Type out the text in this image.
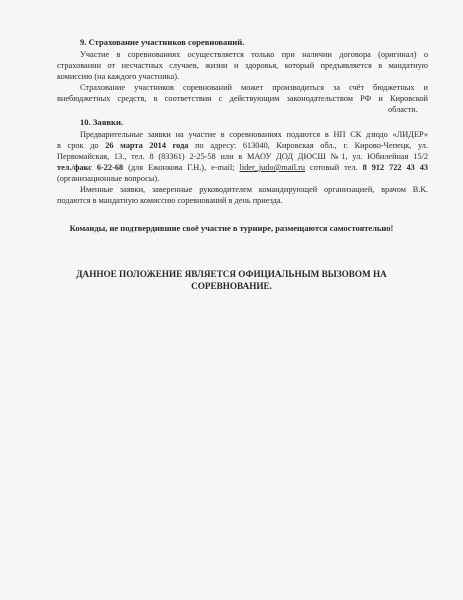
9. Страхование участников соревнований.
Участие в соревнованиях осуществляется только при наличии договора (оригинал) о
страховании от несчастных случаев, жизни и здоровья, который предъявляется в мандатную
комиссию (на каждого участника).
Страхование участников соревнований может производиться за счёт бюджетных и
внебюджетных средств, в соответствии с действующим законодательством РФ и Кировской
области.
10. Заявки.
Предварительные заявки на участие в соревнованиях подаются в НП СК дзюдо «ЛИДЕР»
в срок до 26 марта 2014 года по адресу: 613040, Кировская обл., г. Кирово-Чепецк, ул.
Первомайская, 13., тел. 8 (83361) 2-25-58 или в МАОУ ДОД ДЮСШ №1, ул. Юбилейная 15/2
тел./факс 6-22-68 (для Ежонкова Г.Н.), e-mail; lider_judo@mail.ru сотовый тел. 8 912 722 43 43
(организационные вопросы).
Именные заявки, заверенные руководителем командирующей организацией, врачом В.К.
подаются в мандатную комиссию соревнований в день приезда.
Команды, не подтвердившие своё участие в турнире, размещаются самостоятельно!
ДАННОЕ ПОЛОЖЕНИЕ ЯВЛЯЕТСЯ ОФИЦИАЛЬНЫМ ВЫЗОВОМ НА
СОРЕВНОВАНИЕ.
